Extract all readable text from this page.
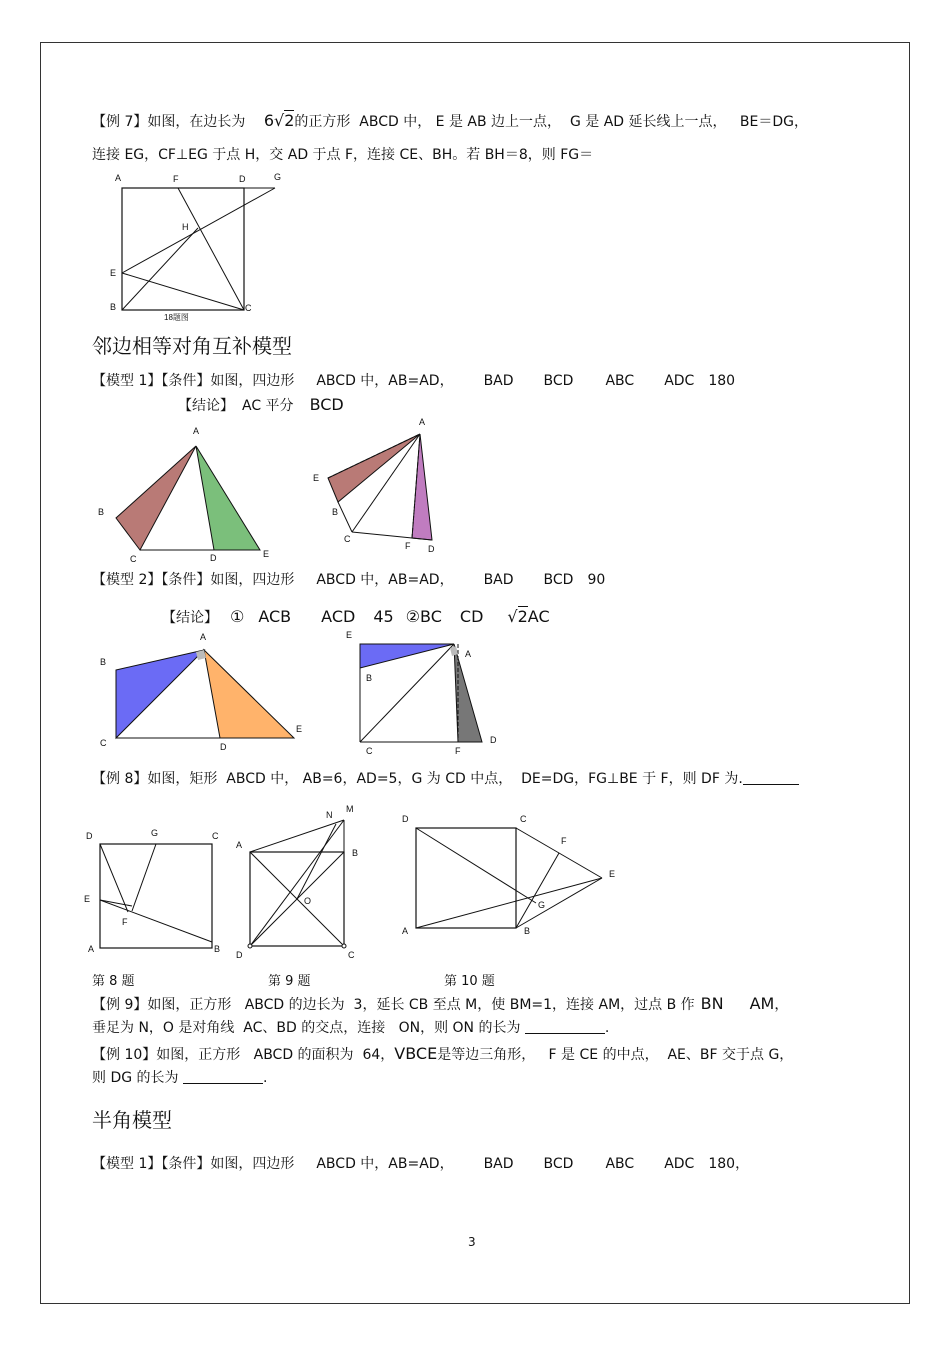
【例 7】如图，在边长为 6√2的正方形  ABCD 中， E 是 AB 边上一点，  G 是 AD 延长线上一点，   BE＝DG，
连接 EG，CF⊥EG 于点 H，交 AD 于点 F，连接 CE、BH。若 BH＝8，则 FG＝
A	F	D	G
H
E
B	C
18题图
邻边相等对角互补模型
【模型 1】【条件】如图，四边形 ABCD 中，AB=AD， BAD BCD ABC ADC 180
【结论】 AC 平分 BCD
A
B
C	D	E
A
E
B
C
F D
【模型 2】【条件】如图，四边形 ABCD 中，AB=AD， BAD BCD 90
【结论】 ① ACB ACD 45 ②BC CD √2AC
A
B
C	D
E
E
A
B
C	F
D
【例 8】如图，矩形  ABCD 中， AB=6，AD=5，G 为 CD 中点，  DE=DG，FG⊥BE 于 F，则 DF 为.
D	G	C
E
F
A	B
N
M
A
B
O
D	C
D	C
F
E
G
A	B
第 8 题	第 9 题	第 10 题
【例 9】如图，正方形   ABCD 的边长为  3，延长 CB 至点 M，使 BM=1，连接 AM，过点 B 作 BN AM，
垂足为 N，O 是对角线  AC、BD 的交点，连接   ON，则 ON 的长为	.
【例 10】如图，正方形   ABCD 的面积为  64，VBCE是等边三角形，   F 是 CE 的中点，  AE、BF 交于点 G，
则 DG 的长为	.
半角模型
【模型 1】【条件】如图，四边形 ABCD 中，AB=AD， BAD BCD ABC ADC 180，
3
